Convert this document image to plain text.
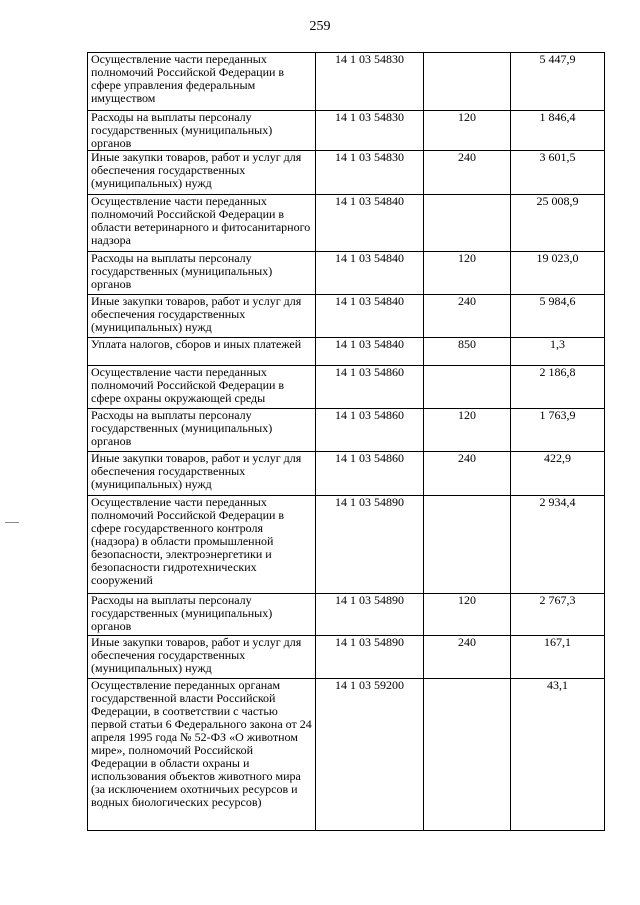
259
Осуществление части переданных полномочий Российской Федерации в сфере управления федеральным имуществом	14 1 03 54830		5 447,9
Расходы на выплаты персоналу государственных (муниципальных) органов	14 1 03 54830	120	1 846,4
Иные закупки товаров, работ и услуг для обеспечения государственных (муниципальных) нужд	14 1 03 54830	240	3 601,5
Осуществление части переданных полномочий Российской Федерации в области ветеринарного и фитосанитарного надзора	14 1 03 54840		25 008,9
Расходы на выплаты персоналу государственных (муниципальных) органов	14 1 03 54840	120	19 023,0
Иные закупки товаров, работ и услуг для обеспечения государственных (муниципальных) нужд	14 1 03 54840	240	5 984,6
Уплата налогов, сборов и иных платежей	14 1 03 54840	850	1,3
Осуществление части переданных полномочий Российской Федерации в сфере охраны окружающей среды	14 1 03 54860		2 186,8
Расходы на выплаты персоналу государственных (муниципальных) органов	14 1 03 54860	120	1 763,9
Иные закупки товаров, работ и услуг для обеспечения государственных (муниципальных) нужд	14 1 03 54860	240	422,9
Осуществление части переданных полномочий Российской Федерации в сфере государственного контроля (надзора) в области промышленной безопасности, электроэнергетики и безопасности гидротехнических сооружений	14 1 03 54890		2 934,4
Расходы на выплаты персоналу государственных (муниципальных) органов	14 1 03 54890	120	2 767,3
Иные закупки товаров, работ и услуг для обеспечения государственных (муниципальных) нужд	14 1 03 54890	240	167,1
Осуществление переданных органам государственной власти Российской Федерации, в соответствии с частью первой статьи 6 Федерального закона от 24 апреля 1995 года № 52-ФЗ «О животном мире», полномочий Российской Федерации в области охраны и использования объектов животного мира (за исключением охотничьих ресурсов и водных биологических ресурсов)	14 1 03 59200		43,1
